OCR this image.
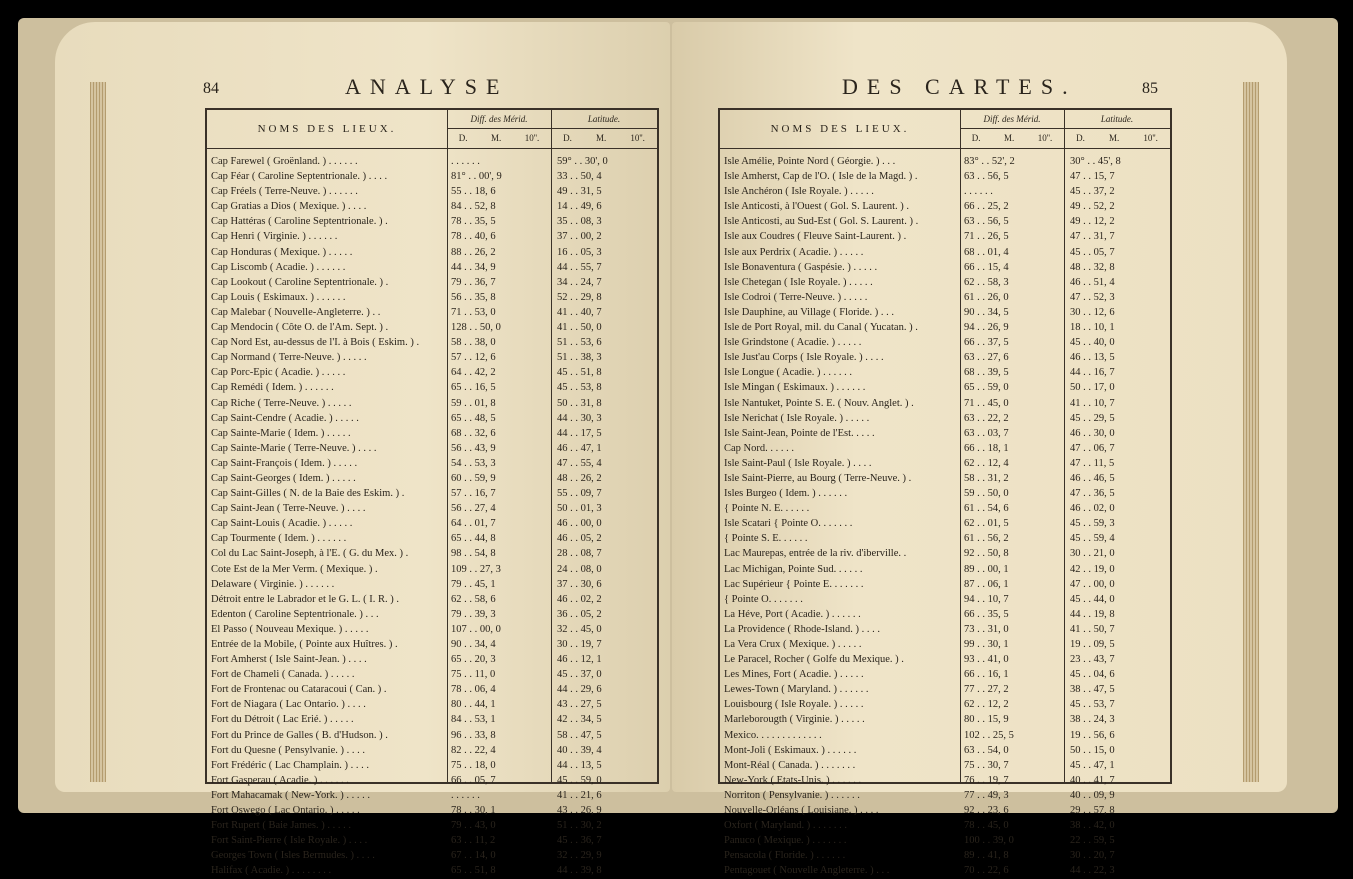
84	ANALYSE
NOMS DES LIEUX.
Diff. des Mérid.
D.	M.	10''.
Latitude.
D.	M.	10''.
Cap Farewel ( Groënland. ) . . . . . .	. . . . . .	59° . . 30', 0
Cap Féar ( Caroline Septentrionale. ) . . . .	81° . . 00', 9	33 . . 50, 4
Cap Fréels ( Terre-Neuve. ) . . . . . .	55 . . 18, 6	49 . . 31, 5
Cap Gratias a Dios ( Mexique. ) . . . .	84 . . 52, 8	14 . . 49, 6
Cap Hattéras ( Caroline Septentrionale. ) .	78 . . 35, 5	35 . . 08, 3
Cap Henri ( Virginie. ) . . . . . .	78 . . 40, 6	37 . . 00, 2
Cap Honduras ( Mexique. ) . . . . .	88 . . 26, 2	16 . . 05, 3
Cap Liscomb ( Acadie. ) . . . . . .	44 . . 34, 9	44 . . 55, 7
Cap Lookout ( Caroline Septentrionale. ) .	79 . . 36, 7	34 . . 24, 7
Cap Louis ( Eskimaux. ) . . . . . .	56 . . 35, 8	52 . . 29, 8
Cap Malebar ( Nouvelle-Angleterre. ) . .	71 . . 53, 0	41 . . 40, 7
Cap Mendocin ( Côte O. de l'Am. Sept. ) .	128 . . 50, 0	41 . . 50, 0
Cap Nord Est, au-dessus de l'I. à Bois ( Eskim. ) .	58 . . 38, 0	51 . . 53, 6
Cap Normand ( Terre-Neuve. ) . . . . .	57 . . 12, 6	51 . . 38, 3
Cap Porc-Epic ( Acadie. ) . . . . .	64 . . 42, 2	45 . . 51, 8
Cap Remédi ( Idem. ) . . . . . .	65 . . 16, 5	45 . . 53, 8
Cap Riche ( Terre-Neuve. ) . . . . .	59 . . 01, 8	50 . . 31, 8
Cap Saint-Cendre ( Acadie. ) . . . . .	65 . . 48, 5	44 . . 30, 3
Cap Sainte-Marie ( Idem. ) . . . . .	68 . . 32, 6	44 . . 17, 5
Cap Sainte-Marie ( Terre-Neuve. ) . . . .	56 . . 43, 9	46 . . 47, 1
Cap Saint-François ( Idem. ) . . . . .	54 . . 53, 3	47 . . 55, 4
Cap Saint-Georges ( Idem. ) . . . . .	60 . . 59, 9	48 . . 26, 2
Cap Saint-Gilles ( N. de la Baie des Eskim. ) .	57 . . 16, 7	55 . . 09, 7
Cap Saint-Jean ( Terre-Neuve. ) . . . .	56 . . 27, 4	50 . . 01, 3
Cap Saint-Louis ( Acadie. ) . . . . .	64 . . 01, 7	46 . . 00, 0
Cap Tourmente ( Idem. ) . . . . . .	65 . . 44, 8	46 . . 05, 2
Col du Lac Saint-Joseph, à l'E. ( G. du Mex. ) .	98 . . 54, 8	28 . . 08, 7
Cote Est de la Mer Verm. ( Mexique. ) .	109 . . 27, 3	24 . . 08, 0
Delaware ( Virginie. ) . . . . . .	79 . . 45, 1	37 . . 30, 6
Détroit entre le Labrador et le G. L. ( I. R. ) .	62 . . 58, 6	46 . . 02, 2
Edenton ( Caroline Septentrionale. ) . . .	79 . . 39, 3	36 . . 05, 2
El Passo ( Nouveau Mexique. ) . . . . .	107 . . 00, 0	32 . . 45, 0
Entrée de la Mobile, ( Pointe aux Huîtres. ) .	90 . . 34, 4	30 . . 19, 7
Fort Amherst ( Isle Saint-Jean. ) . . . .	65 . . 20, 3	46 . . 12, 1
Fort de Chameli ( Canada. ) . . . . .	75 . . 11, 0	45 . . 37, 0
Fort de Frontenac ou Cataracoui ( Can. ) .	78 . . 06, 4	44 . . 29, 6
Fort de Niagara ( Lac Ontario. ) . . . .	80 . . 44, 1	43 . . 27, 5
Fort du Détroit ( Lac Erié. ) . . . . .	84 . . 53, 1	42 . . 34, 5
Fort du Prince de Galles ( B. d'Hudson. ) .	96 . . 33, 8	58 . . 47, 5
Fort du Quesne ( Pensylvanie. ) . . . .	82 . . 22, 4	40 . . 39, 4
Fort Frédéric ( Lac Champlain. ) . . . .	75 . . 18, 0	44 . . 13, 5
Fort Gasperau ( Acadie. ) . . . . . .	66 . . 05, 7	45 . . 59, 0
Fort Mahacamak ( New-York. ) . . . . .	. . . . . .	41 . . 21, 6
Fort Oswego ( Lac Ontario. ) . . . . .	78 . . 30, 1	43 . . 26, 9
Fort Rupert ( Baie James. ) . . . . .	79 . . 43, 0	51 . . 30, 2
Fort Saint-Pierre ( Isle Royale. ) . . . .	63 . . 11, 2	45 . . 36, 7
Georges Town ( Isles Bermudes. ) . . . .	67 . . 14, 0	32 . . 29, 9
Halifax ( Acadie. ) . . . . . . . .	65 . . 51, 8	44 . . 39, 8
DES CARTES.	85
NOMS DES LIEUX.
Diff. des Mérid.
D.	M.	10''.
Latitude.
D.	M.	10''.
Isle Amélie, Pointe Nord ( Géorgie. ) . . .	83° . . 52', 2	30° . . 45', 8
Isle Amherst, Cap de l'O. ( Isle de la Magd. ) .	63 . . 56, 5	47 . . 15, 7
Isle Anchéron ( Isle Royale. ) . . . . .	. . . . . .	45 . . 37, 2
Isle Anticosti, à l'Ouest ( Gol. S. Laurent. ) .	66 . . 25, 2	49 . . 52, 2
Isle Anticosti, au Sud-Est ( Gol. S. Laurent. ) .	63 . . 56, 5	49 . . 12, 2
Isle aux Coudres ( Fleuve Saint-Laurent. ) .	71 . . 26, 5	47 . . 31, 7
Isle aux Perdrix ( Acadie. ) . . . . .	68 . . 01, 4	45 . . 05, 7
Isle Bonaventura ( Gaspésie. ) . . . . .	66 . . 15, 4	48 . . 32, 8
Isle Chetegan ( Isle Royale. ) . . . . .	62 . . 58, 3	46 . . 51, 4
Isle Codroi ( Terre-Neuve. ) . . . . .	61 . . 26, 0	47 . . 52, 3
Isle Dauphine, au Village ( Floride. ) . . .	90 . . 34, 5	30 . . 12, 6
Isle de Port Royal, mil. du Canal ( Yucatan. ) .	94 . . 26, 9	18 . . 10, 1
Isle Grindstone ( Acadie. ) . . . . .	66 . . 37, 5	45 . . 40, 0
Isle Just'au Corps ( Isle Royale. ) . . . .	63 . . 27, 6	46 . . 13, 5
Isle Longue ( Acadie. ) . . . . . .	68 . . 39, 5	44 . . 16, 7
Isle Mingan ( Eskimaux. ) . . . . . .	65 . . 59, 0	50 . . 17, 0
Isle Nantuket, Pointe S. E. ( Nouv. Anglet. ) .	71 . . 45, 0	41 . . 10, 7
Isle Nerichat ( Isle Royale. ) . . . . .	63 . . 22, 2	45 . . 29, 5
Isle Saint-Jean, Pointe de l'Est. . . . .	63 . . 03, 7	46 . . 30, 0
Cap Nord. . . . . .	66 . . 18, 1	47 . . 06, 7
Isle Saint-Paul ( Isle Royale. ) . . . .	62 . . 12, 4	47 . . 11, 5
Isle Saint-Pierre, au Bourg ( Terre-Neuve. ) .	58 . . 31, 2	46 . . 46, 5
Isles Burgeo ( Idem. ) . . . . . .	59 . . 50, 0	47 . . 36, 5
{ Pointe N. E. . . . . .	61 . . 54, 6	46 . . 02, 0
Isle Scatari { Pointe O. . . . . . .	62 . . 01, 5	45 . . 59, 3
{ Pointe S. E. . . . . .	61 . . 56, 2	45 . . 59, 4
Lac Maurepas, entrée de la riv. d'iberville. .	92 . . 50, 8	30 . . 21, 0
Lac Michigan, Pointe Sud. . . . . .	89 . . 00, 1	42 . . 19, 0
Lac Supérieur { Pointe E. . . . . . .	87 . . 06, 1	47 . . 00, 0
{ Pointe O. . . . . . .	94 . . 10, 7	45 . . 44, 0
La Héve, Port ( Acadie. ) . . . . . .	66 . . 35, 5	44 . . 19, 8
La Providence ( Rhode-Island. ) . . . .	73 . . 31, 0	41 . . 50, 7
La Vera Crux ( Mexique. ) . . . . .	99 . . 30, 1	19 . . 09, 5
Le Paracel, Rocher ( Golfe du Mexique. ) .	93 . . 41, 0	23 . . 43, 7
Les Mines, Fort ( Acadie. ) . . . . .	66 . . 16, 1	45 . . 04, 6
Lewes-Town ( Maryland. ) . . . . . .	77 . . 27, 2	38 . . 47, 5
Louisbourg ( Isle Royale. ) . . . . .	62 . . 12, 2	45 . . 53, 7
Marleborougth ( Virginie. ) . . . . .	80 . . 15, 9	38 . . 24, 3
Mexico. . . . . . . . . . . . .	102 . . 25, 5	19 . . 56, 6
Mont-Joli ( Eskimaux. ) . . . . . .	63 . . 54, 0	50 . . 15, 0
Mont-Réal ( Canada. ) . . . . . . .	75 . . 30, 7	45 . . 47, 1
New-York ( Etats-Unis. ) . . . . . .	76 . . 19, 7	40 . . 41, 7
Norriton ( Pensylvanie. ) . . . . . .	77 . . 49, 3	40 . . 09, 9
Nouvelle-Orléans ( Louisiane. ) . . . .	92 . . 23, 6	29 . . 57, 8
Oxfort ( Maryland. ) . . . . . . .	78 . . 45, 0	38 . . 42, 0
Panuco ( Mexique. ) . . . . . . .	100 . . 39, 0	22 . . 59, 5
Pensacola ( Floride. ) . . . . . .	89 . . 41, 8	30 . . 20, 7
Pentagouet ( Nouvelle Angleterre. ) . . .	70 . . 22, 6	44 . . 22, 3
